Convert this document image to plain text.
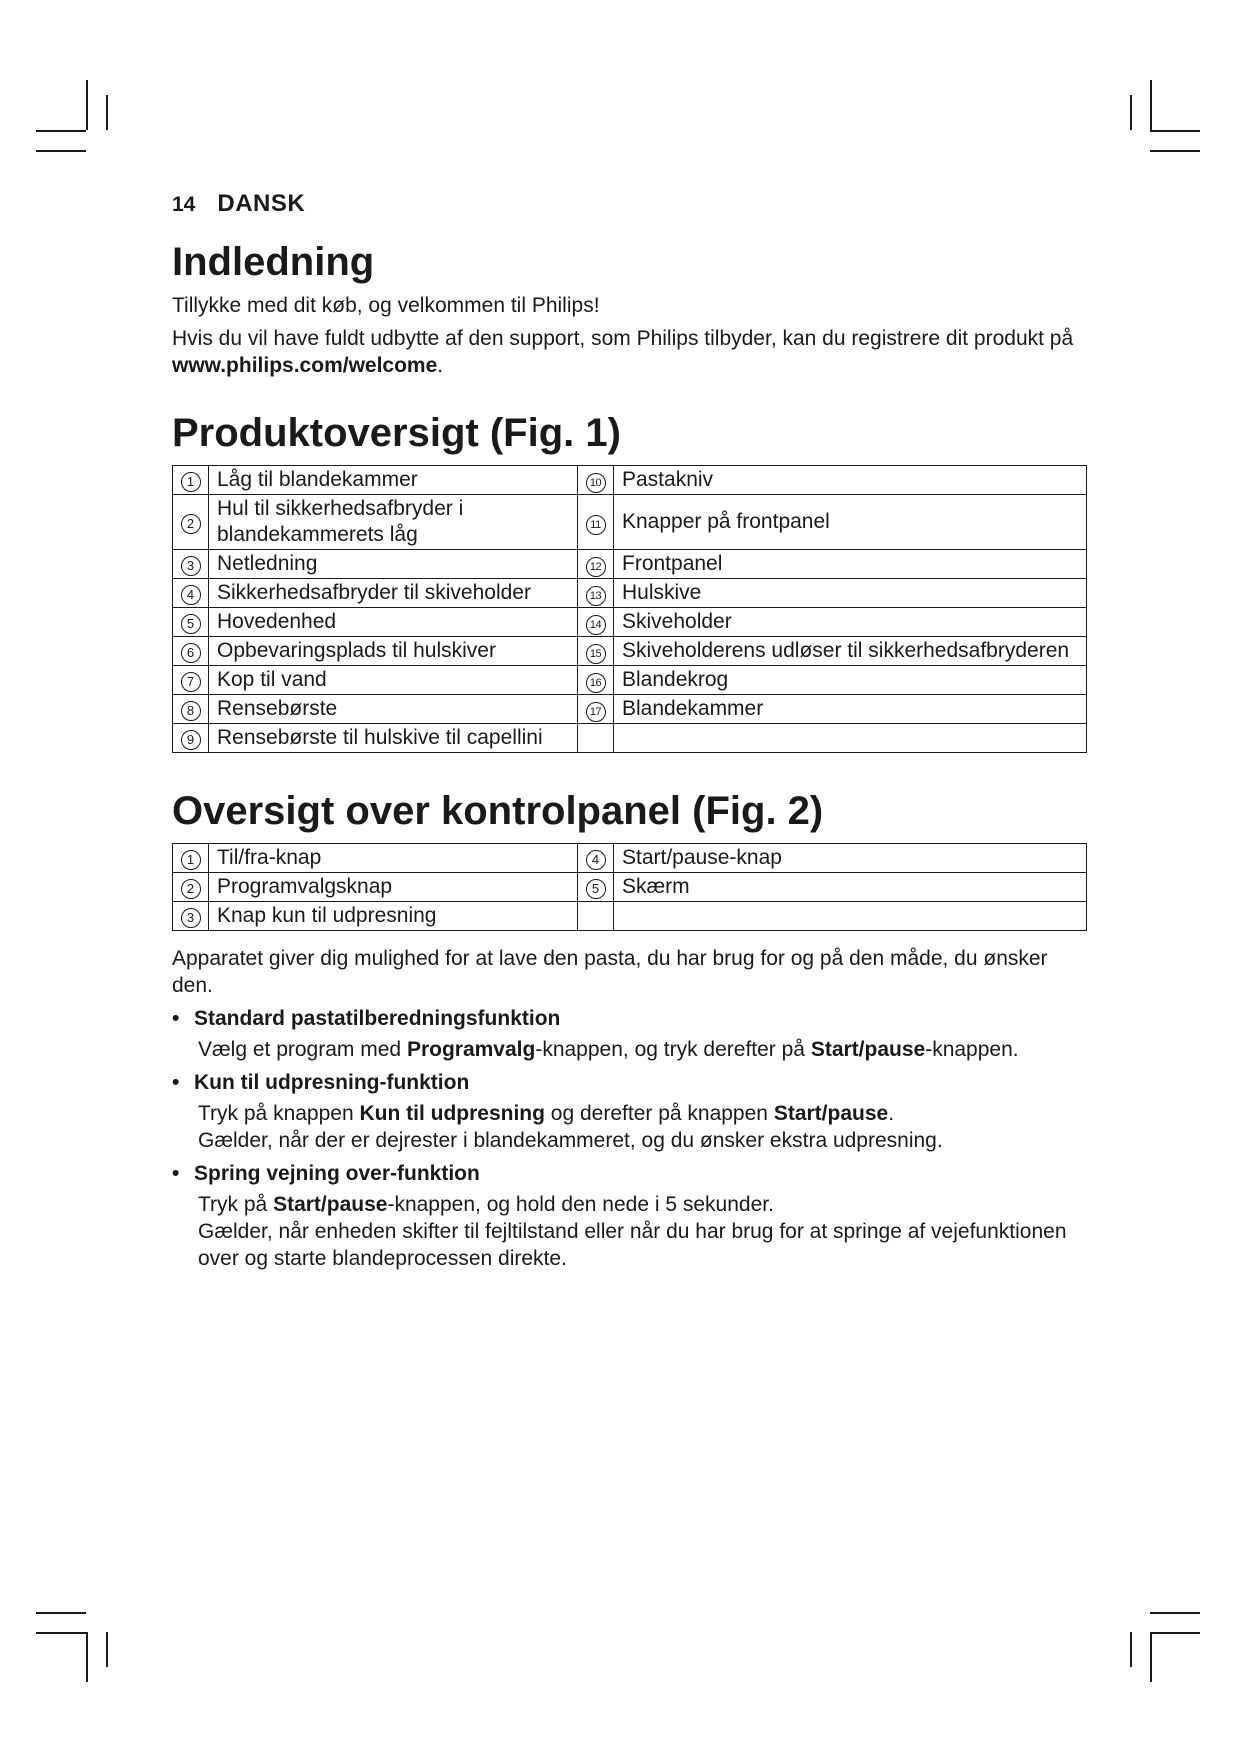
14 DANSK
Indledning

Tillykke med dit køb, og velkommen til Philips!

Hvis du vil have fuldt udbytte af den support, som Philips tilbyder, kan du registrere dit produkt på www.philips.com/welcome.

Produktoversigt (Fig. 1)
1	Låg til blandekammer	10	Pastakniv
2	Hul til sikkerhedsafbryder i blandekammerets låg	11	Knapper på frontpanel
3	Netledning	12	Frontpanel
4	Sikkerhedsafbryder til skiveholder	13	Hulskive
5	Hovedenhed	14	Skiveholder
6	Opbevaringsplads til hulskiver	15	Skiveholderens udløser til sikkerhedsafbryderen
7	Kop til vand	16	Blandekrog
8	Rensebørste	17	Blandekammer
9	Rensebørste til hulskive til capellini		
Oversigt over kontrolpanel (Fig. 2)
1	Til/fra-knap	4	Start/pause-knap
2	Programvalgsknap	5	Skærm
3	Knap kun til udpresning		

Apparatet giver dig mulighed for at lave den pasta, du har brug for og på den måde, du ønsker den.

• Standard pastatilberedningsfunktion

Vælg et program med Programvalg-knappen, og tryk derefter på Start/pause-knappen.

• Kun til udpresning-funktion

Tryk på knappen Kun til udpresning og derefter på knappen Start/pause.

Gælder, når der er dejrester i blandekammeret, og du ønsker ekstra udpresning.

• Spring vejning over-funktion

Tryk på Start/pause-knappen, og hold den nede i 5 sekunder.

Gælder, når enheden skifter til fejltilstand eller når du har brug for at springe af vejefunktionen over og starte blandeprocessen direkte.
